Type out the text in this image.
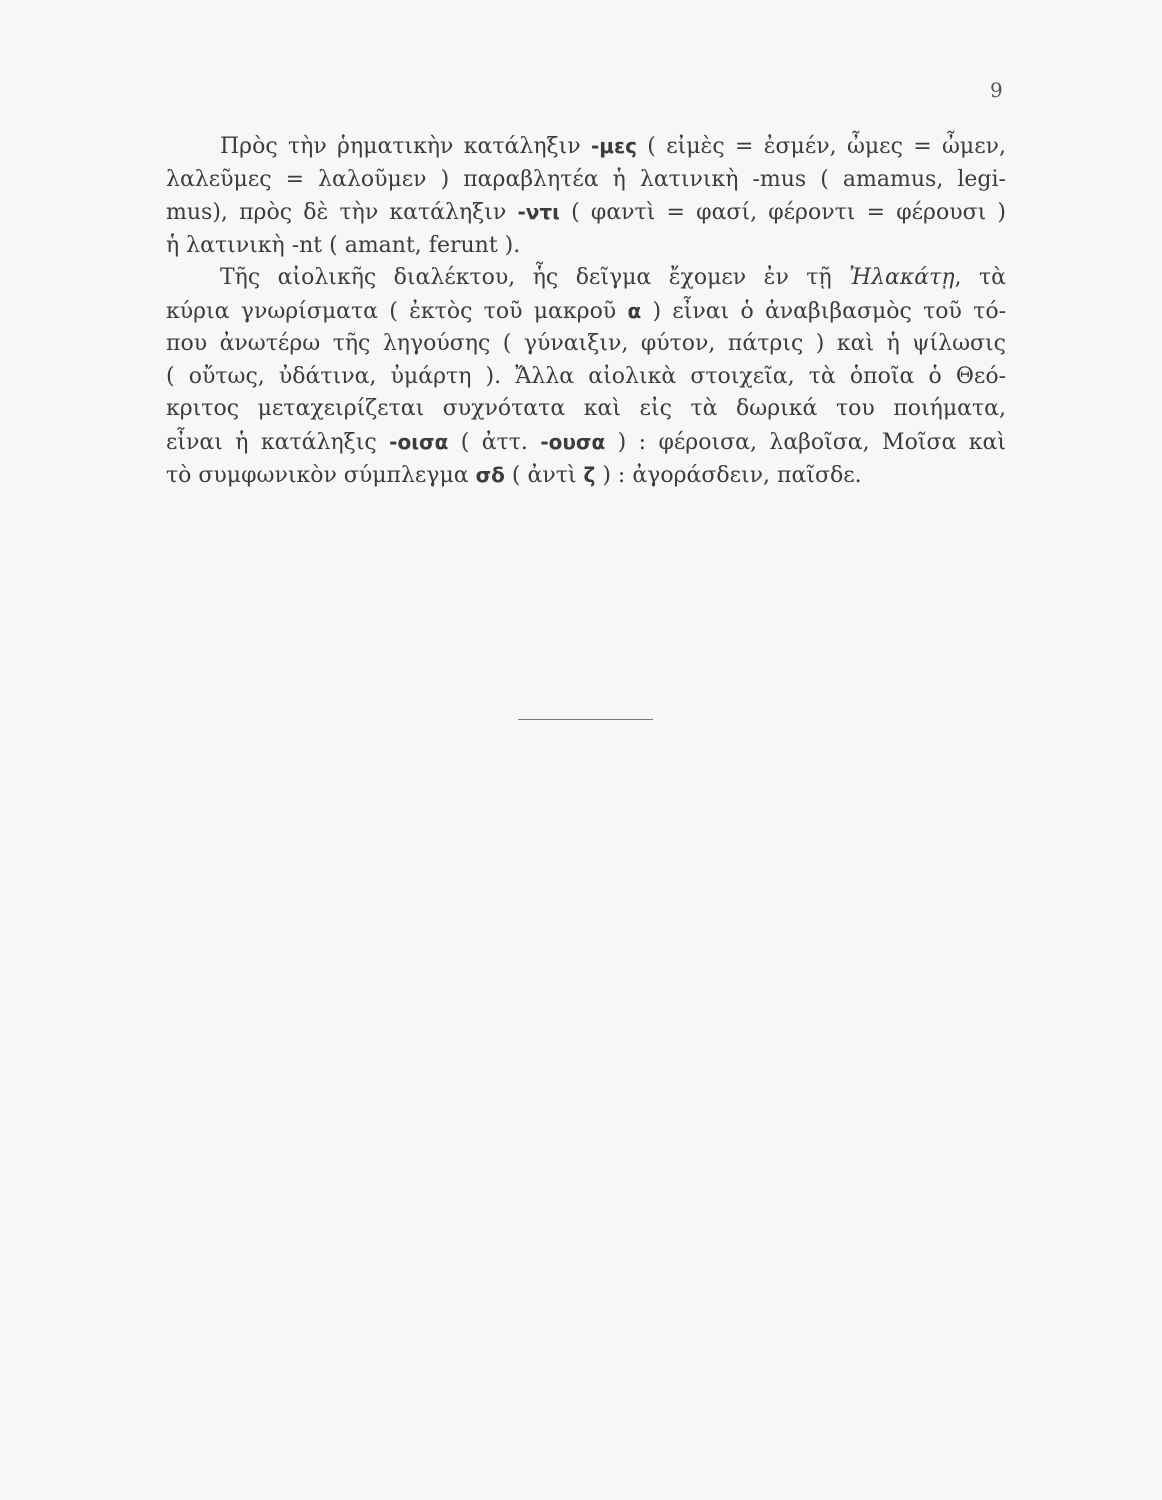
9
Πρὸς τὴν ῥηματικὴν κατάληξιν -μες ( εἰμὲς = ἐσμέν, ὦμες = ὦμεν,
λαλεῦμες = λαλοῦμεν ) παραβλητέα ἡ λατινικὴ -mus ( amamus, legi-
mus), πρὸς δὲ τὴν κατάληξιν -ντι ( φαντὶ = φασί, φέροντι = φέρουσι )
ἡ λατινικὴ -nt ( amant, ferunt ).
Τῆς αἰολικῆς διαλέκτου, ἧς δεῖγμα ἔχομεν ἐν τῇ Ἠλακάτῃ, τὰ
κύρια γνωρίσματα ( ἐκτὸς τοῦ μακροῦ α ) εἶναι ὁ ἀναβιβασμὸς τοῦ τό-
που ἀνωτέρω τῆς ληγούσης ( γύναιξιν, φύτον, πάτρις ) καὶ ἡ ψίλωσις
( οὔτως, ὐδάτινα, ὐμάρτη ). Ἄλλα αἰολικὰ στοιχεῖα, τὰ ὁποῖα ὁ Θεό-
κριτος μεταχειρίζεται συχνότατα καὶ εἰς τὰ δωρικά του ποιήματα,
εἶναι ἡ κατάληξις -οισα ( ἀττ. -ουσα ) : φέροισα, λαβοῖσα, Μοῖσα καὶ
τὸ συμφωνικὸν σύμπλεγμα σδ ( ἀντὶ ζ ) : ἀγοράσδειν, παῖσδε.
